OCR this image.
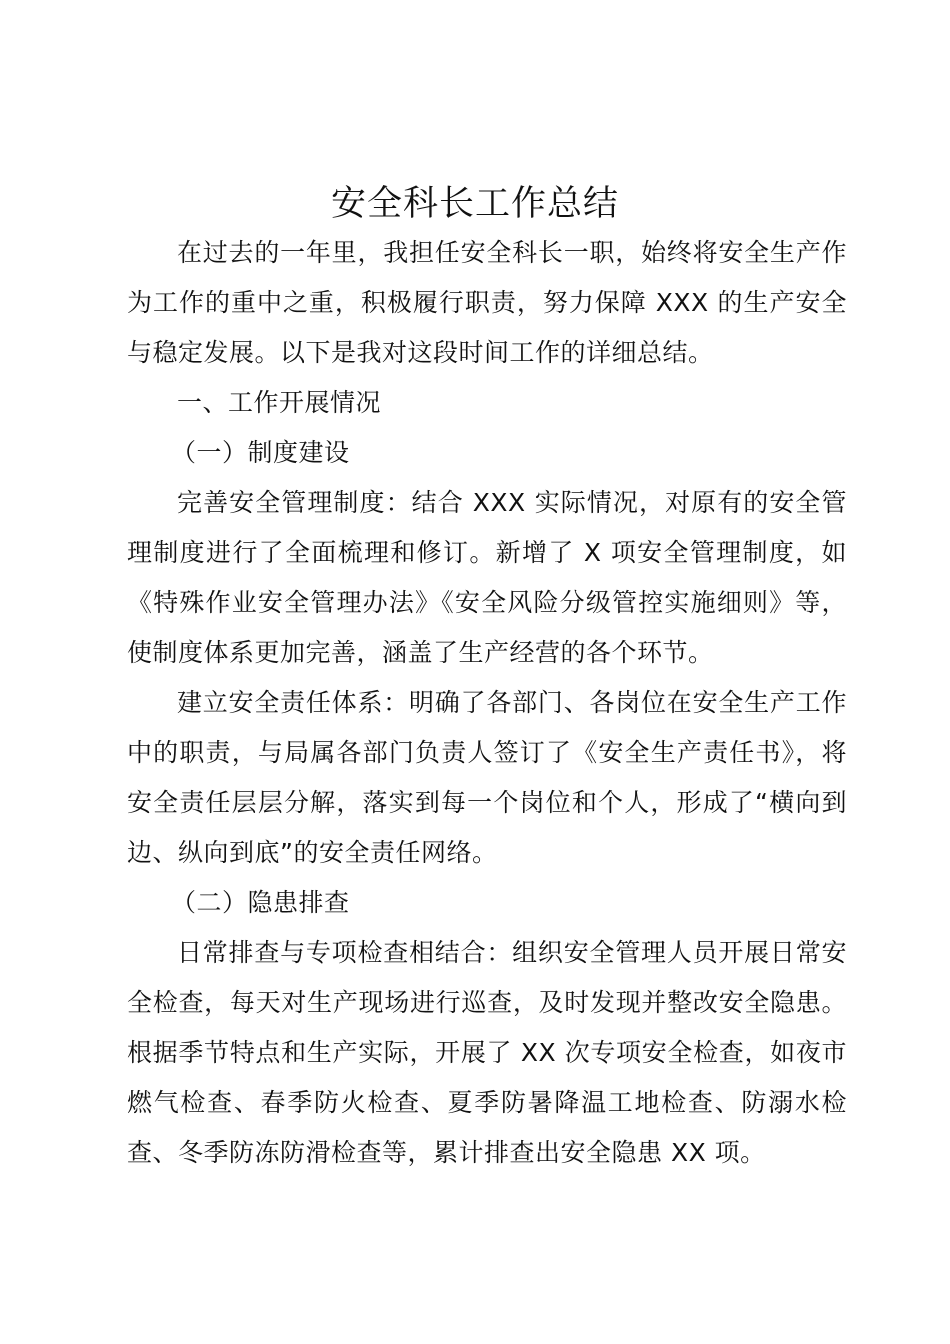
安全科长工作总结

在过去的一年里，我担任安全科长一职，始终将安全生产作为工作的重中之重，积极履行职责，努力保障 XXX 的生产安全与稳定发展。以下是我对这段时间工作的详细总结。

一、工作开展情况

（一）制度建设

完善安全管理制度：结合 XXX 实际情况，对原有的安全管理制度进行了全面梳理和修订。新增了 X 项安全管理制度，如《特殊作业安全管理办法》《安全风险分级管控实施细则》等，使制度体系更加完善，涵盖了生产经营的各个环节。

建立安全责任体系：明确了各部门、各岗位在安全生产工作中的职责，与局属各部门负责人签订了《安全生产责任书》，将安全责任层层分解，落实到每一个岗位和个人，形成了“横向到边、纵向到底”的安全责任网络。

（二）隐患排查

日常排查与专项检查相结合：组织安全管理人员开展日常安全检查，每天对生产现场进行巡查，及时发现并整改安全隐患。根据季节特点和生产实际，开展了 XX 次专项安全检查，如夜市燃气检查、春季防火检查、夏季防暑降温工地检查、防溺水检查、冬季防冻防滑检查等，累计排查出安全隐患 XX 项。
